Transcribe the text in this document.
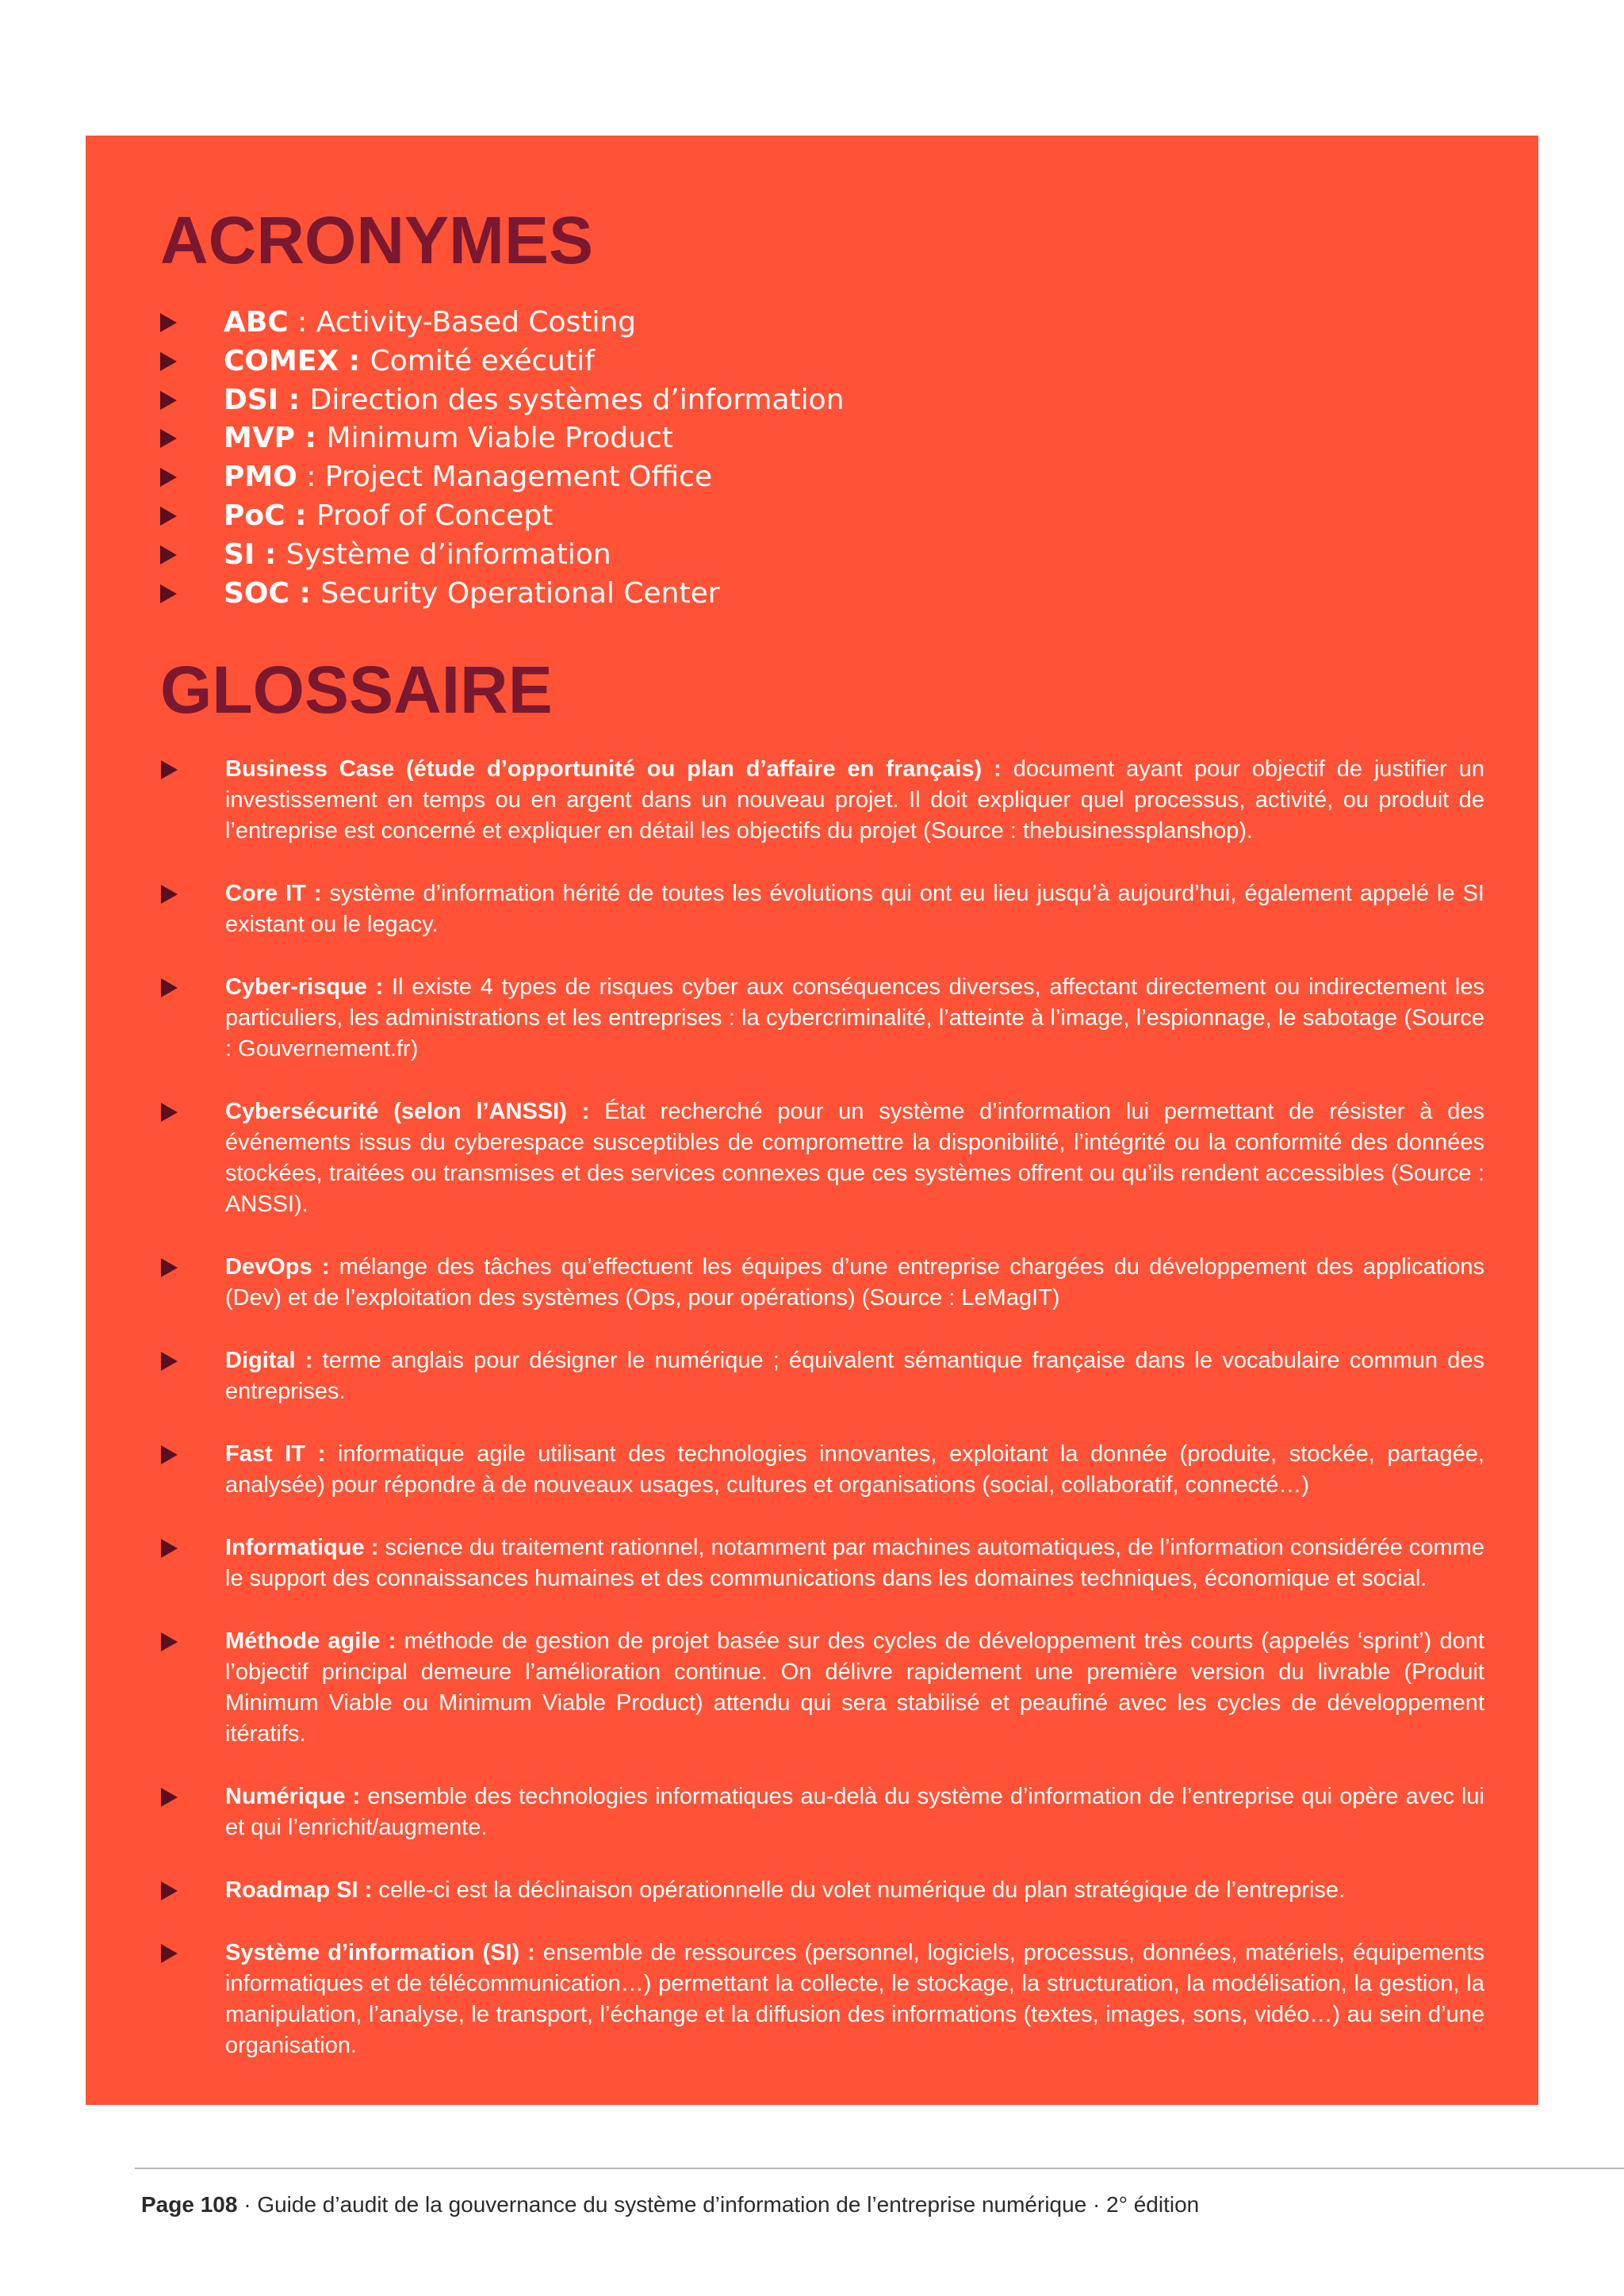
ACRONYMES
ABC : Activity-Based Costing
COMEX : Comité exécutif
DSI : Direction des systèmes d’information
MVP : Minimum Viable Product
PMO : Project Management Office
PoC : Proof of Concept
SI : Système d’information
SOC : Security Operational Center
GLOSSAIRE
Business Case (étude d’opportunité ou plan d’affaire en français) : document ayant pour objectif de justifier un investissement en temps ou en argent dans un nouveau projet. Il doit expliquer quel processus, activité, ou produit de l’entreprise est concerné et expliquer en détail les objectifs du projet (Source : thebusinessplanshop).
Core IT : système d’information hérité de toutes les évolutions qui ont eu lieu jusqu’à aujourd’hui, également appelé le SI existant ou le legacy.
Cyber-risque : Il existe 4 types de risques cyber aux conséquences diverses, affectant directement ou indirectement les particuliers, les administrations et les entreprises : la cybercriminalité, l’atteinte à l’image, l’espionnage, le sabotage (Source : Gouvernement.fr)
Cybersécurité (selon l’ANSSI) : État recherché pour un système d’information lui permettant de résister à des événements issus du cyberespace susceptibles de compromettre la disponibilité, l’intégrité ou la conformité des données stockées, traitées ou transmises et des services connexes que ces systèmes offrent ou qu’ils rendent accessibles (Source : ANSSI).
DevOps : mélange des tâches qu’effectuent les équipes d’une entreprise chargées du développement des applications (Dev) et de l’exploitation des systèmes (Ops, pour opérations) (Source : LeMagIT)
Digital : terme anglais pour désigner le numérique ; équivalent sémantique française dans le vocabulaire commun des entreprises.
Fast IT : informatique agile utilisant des technologies innovantes, exploitant la donnée (produite, stockée, partagée, analysée) pour répondre à de nouveaux usages, cultures et organisations (social, collaboratif, connecté…)
Informatique : science du traitement rationnel, notamment par machines automatiques, de l’information considérée comme le support des connaissances humaines et des communications dans les domaines techniques, économique et social.
Méthode agile : méthode de gestion de projet basée sur des cycles de développement très courts (appelés ‘sprint’) dont l’objectif principal demeure l’amélioration continue. On délivre rapidement une première version du livrable (Produit Minimum Viable ou Minimum Viable Product) attendu qui sera stabilisé et peaufiné avec les cycles de développement itératifs.
Numérique : ensemble des technologies informatiques au-delà du système d’information de l’entreprise qui opère avec lui et qui l’enrichit/augmente.
Roadmap SI : celle-ci est la déclinaison opérationnelle du volet numérique du plan stratégique de l’entreprise.
Système d’information (SI) : ensemble de ressources (personnel, logiciels, processus, données, matériels, équipements informatiques et de télécommunication…) permettant la collecte, le stockage, la structuration, la modélisation, la gestion, la manipulation, l’analyse, le transport, l’échange et la diffusion des informations (textes, images, sons, vidéo…) au sein d’une organisation.
Page 108 · Guide d’audit de la gouvernance du système d’information de l’entreprise numérique · 2° édition
